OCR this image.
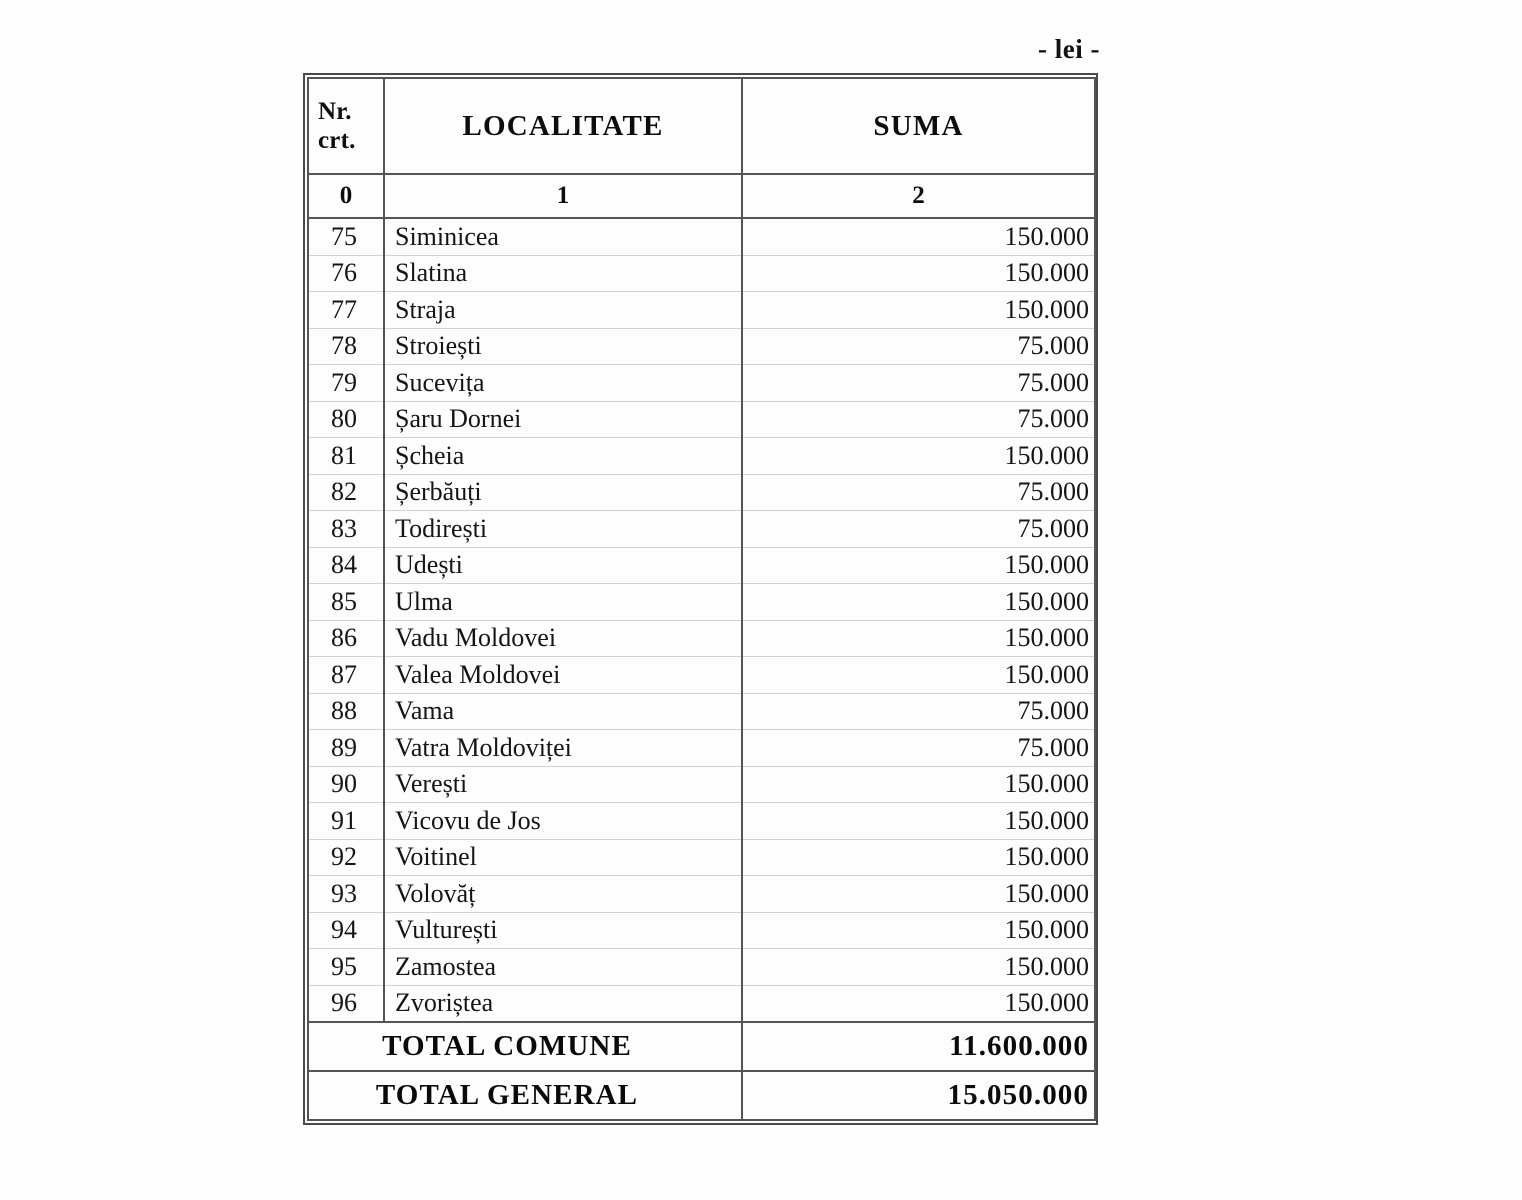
- lei -
Nr.
crt.	LOCALITATE	SUMA
0	1	2
75	Siminicea	150.000
76	Slatina	150.000
77	Straja	150.000
78	Stroiești	75.000
79	Sucevița	75.000
80	Șaru Dornei	75.000
81	Șcheia	150.000
82	Șerbăuți	75.000
83	Todirești	75.000
84	Udești	150.000
85	Ulma	150.000
86	Vadu Moldovei	150.000
87	Valea Moldovei	150.000
88	Vama	75.000
89	Vatra Moldoviței	75.000
90	Verești	150.000
91	Vicovu de Jos	150.000
92	Voitinel	150.000
93	Volovăț	150.000
94	Vulturești	150.000
95	Zamostea	150.000
96	Zvoriștea	150.000
TOTAL COMUNE		11.600.000
TOTAL GENERAL		15.050.000
